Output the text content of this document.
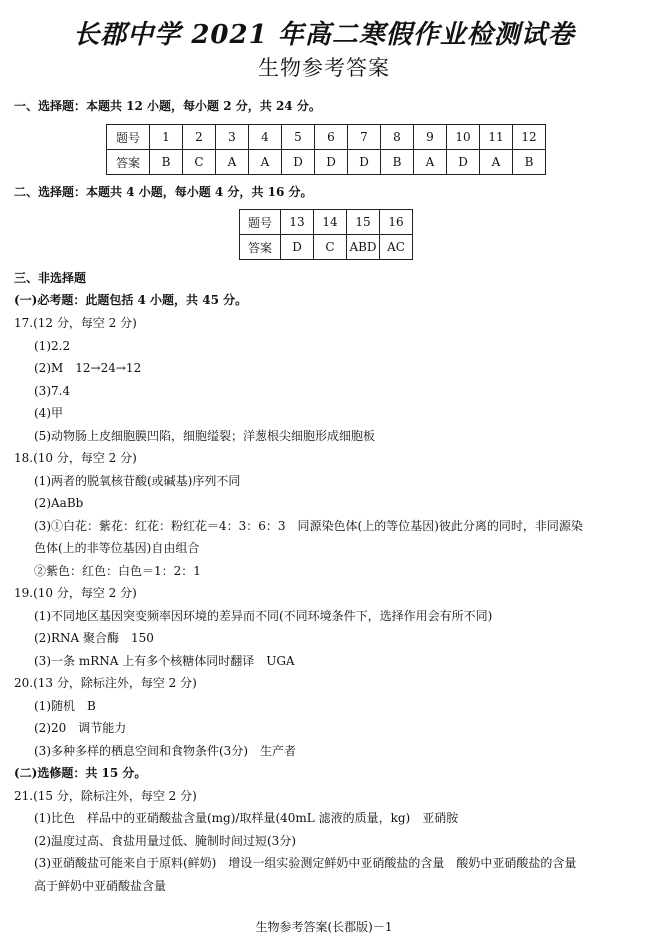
长郡中学 2021 年高二寒假作业检测试卷
生物参考答案
一、选择题：本题共 12 小题，每小题 2 分，共 24 分。
题号	1	2	3	4	5	6	7	8	9	10	11	12
答案	B	C	A	A	D	D	D	B	A	D	A	B
二、选择题：本题共 4 小题，每小题 4 分，共 16 分。
题号	13	14	15	16
答案	D	C	ABD	AC
三、非选择题
(一)必考题：此题包括 4 小题，共 45 分。
17.(12 分，每空 2 分)
(1)2.2
(2)M　12→24→12
(3)7.4
(4)甲
(5)动物肠上皮细胞膜凹陷，细胞缢裂；洋葱根尖细胞形成细胞板
18.(10 分，每空 2 分)
(1)两者的脱氧核苷酸(或碱基)序列不同
(2)AaBb
(3)①白花：紫花：红花：粉红花＝4：3：6：3　同源染色体(上的等位基因)彼此分离的同时，非同源染
色体(上的非等位基因)自由组合
②紫色：红色：白色＝1：2：1
19.(10 分，每空 2 分)
(1)不同地区基因突变频率因环境的差异而不同(不同环境条件下，选择作用会有所不同)
(2)RNA 聚合酶　150
(3)一条 mRNA 上有多个核糖体同时翻译　UGA
20.(13 分，除标注外，每空 2 分)
(1)随机　B
(2)20　调节能力
(3)多种多样的栖息空间和食物条件(3分)　生产者
(二)选修题：共 15 分。
21.(15 分，除标注外，每空 2 分)
(1)比色　样品中的亚硝酸盐含量(mg)/取样量(40mL 滤液的质量，kg)　亚硝胺
(2)温度过高、食盐用量过低、腌制时间过短(3分)
(3)亚硝酸盐可能来自于原料(鲜奶)　增设一组实验测定鲜奶中亚硝酸盐的含量　酸奶中亚硝酸盐的含量
高于鲜奶中亚硝酸盐含量
生物参考答案(长郡版)－1
